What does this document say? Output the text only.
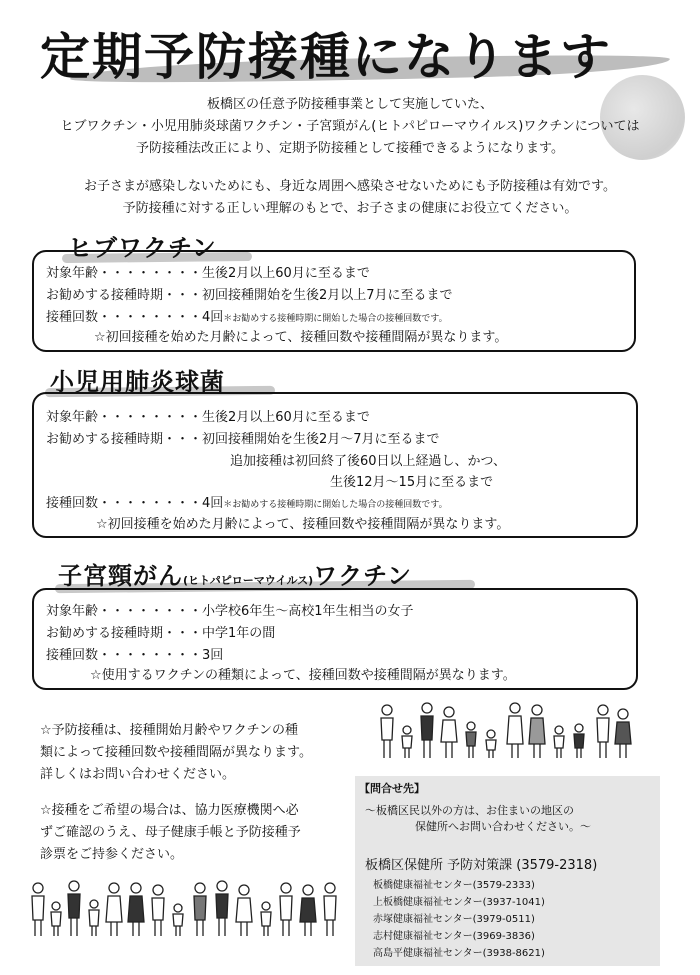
定期予防接種になります
板橋区の任意予防接種事業として実施していた、
ヒブワクチン・小児用肺炎球菌ワクチン・子宮頸がん(ヒトパピローマウイルス)ワクチンについては
予防接種法改正により、定期予防接種として接種できるようになります。
お子さまが感染しないためにも、身近な周囲へ感染させないためにも予防接種は有効です。
予防接種に対する正しい理解のもとで、お子さまの健康にお役立てください。
ヒブワクチン
対象年齢・・・・・・・・生後2月以上60月に至るまで
お勧めする接種時期・・・初回接種開始を生後2月以上7月に至るまで
接種回数・・・・・・・・4回＊お勧めする接種時期に開始した場合の接種回数です。
☆初回接種を始めた月齢によって、接種回数や接種間隔が異なります。
小児用肺炎球菌
対象年齢・・・・・・・・生後2月以上60月に至るまで
お勧めする接種時期・・・初回接種開始を生後2月〜7月に至るまで
追加接種は初回終了後60日以上経過し、かつ、
生後12月〜15月に至るまで
接種回数・・・・・・・・4回＊お勧めする接種時期に開始した場合の接種回数です。
☆初回接種を始めた月齢によって、接種回数や接種間隔が異なります。
子宮頸がん(ヒトパピローマウイルス)ワクチン
対象年齢・・・・・・・・小学校6年生〜高校1年生相当の女子
お勧めする接種時期・・・中学1年の間
接種回数・・・・・・・・3回
☆使用するワクチンの種類によって、接種回数や接種間隔が異なります。
☆予防接種は、接種開始月齢やワクチンの種
類によって接種回数や接種間隔が異なります。
詳しくはお問い合わせください。
☆接種をご希望の場合は、協力医療機関へ必
ずご確認のうえ、母子健康手帳と予防接種予
診票をご持参ください。
【問合せ先】
〜板橋区民以外の方は、お住まいの地区の
保健所へお問い合わせください。〜
板橋区保健所 予防対策課 (3579-2318)
板橋健康福祉センター(3579-2333)
上板橋健康福祉センター(3937-1041)
赤塚健康福祉センター(3979-0511)
志村健康福祉センター(3969-3836)
高島平健康福祉センター(3938-8621)
